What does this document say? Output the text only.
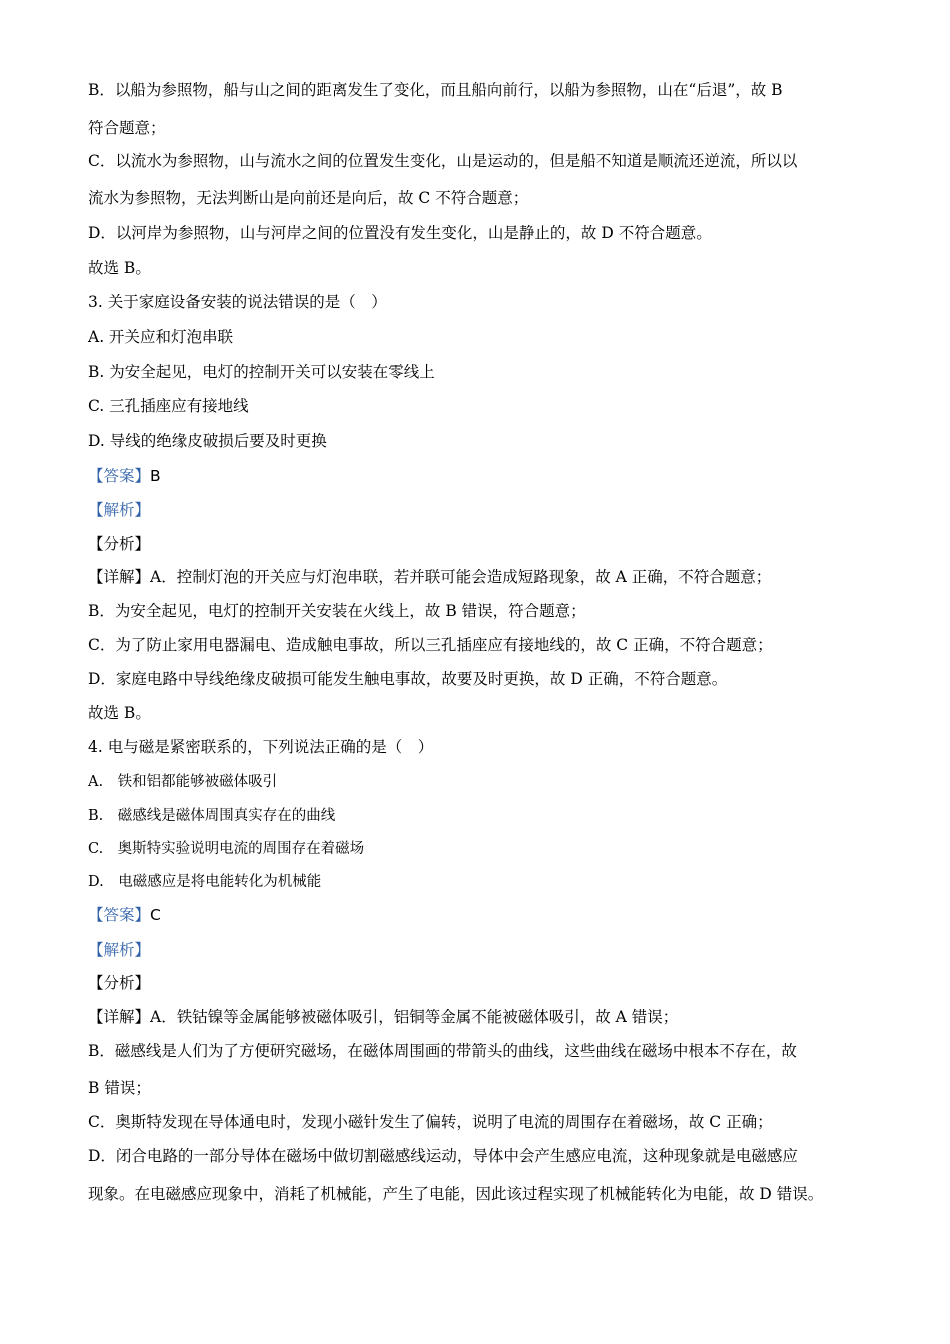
B．以船为参照物，船与山之间的距离发生了变化，而且船向前行，以船为参照物，山在“后退”，故 B
符合题意；
C．以流水为参照物，山与流水之间的位置发生变化，山是运动的，但是船不知道是顺流还逆流，所以以
流水为参照物，无法判断山是向前还是向后，故 C 不符合题意；
D．以河岸为参照物，山与河岸之间的位置没有发生变化，山是静止的，故 D 不符合题意。
故选 B。
3. 关于家庭设备安装的说法错误的是（　）
A. 开关应和灯泡串联
B. 为安全起见，电灯的控制开关可以安装在零线上
C. 三孔插座应有接地线
D. 导线的绝缘皮破损后要及时更换
【答案】B
【解析】
【分析】
【详解】A．控制灯泡的开关应与灯泡串联，若并联可能会造成短路现象，故 A 正确，不符合题意；
B．为安全起见，电灯的控制开关安装在火线上，故 B 错误，符合题意；
C．为了防止家用电器漏电、造成触电事故，所以三孔插座应有接地线的，故 C 正确，不符合题意；
D．家庭电路中导线绝缘皮破损可能发生触电事故，故要及时更换，故 D 正确，不符合题意。
故选 B。
4. 电与磁是紧密联系的，下列说法正确的是（　）
A.　铁和铝都能够被磁体吸引
B.　磁感线是磁体周围真实存在的曲线
C.　奥斯特实验说明电流的周围存在着磁场
D.　电磁感应是将电能转化为机械能
【答案】C
【解析】
【分析】
【详解】A．铁钴镍等金属能够被磁体吸引，铝铜等金属不能被磁体吸引，故 A 错误；
B．磁感线是人们为了方便研究磁场，在磁体周围画的带箭头的曲线，这些曲线在磁场中根本不存在，故
B 错误；
C．奥斯特发现在导体通电时，发现小磁针发生了偏转，说明了电流的周围存在着磁场，故 C 正确；
D．闭合电路的一部分导体在磁场中做切割磁感线运动，导体中会产生感应电流，这种现象就是电磁感应
现象。在电磁感应现象中，消耗了机械能，产生了电能，因此该过程实现了机械能转化为电能，故 D 错误。
